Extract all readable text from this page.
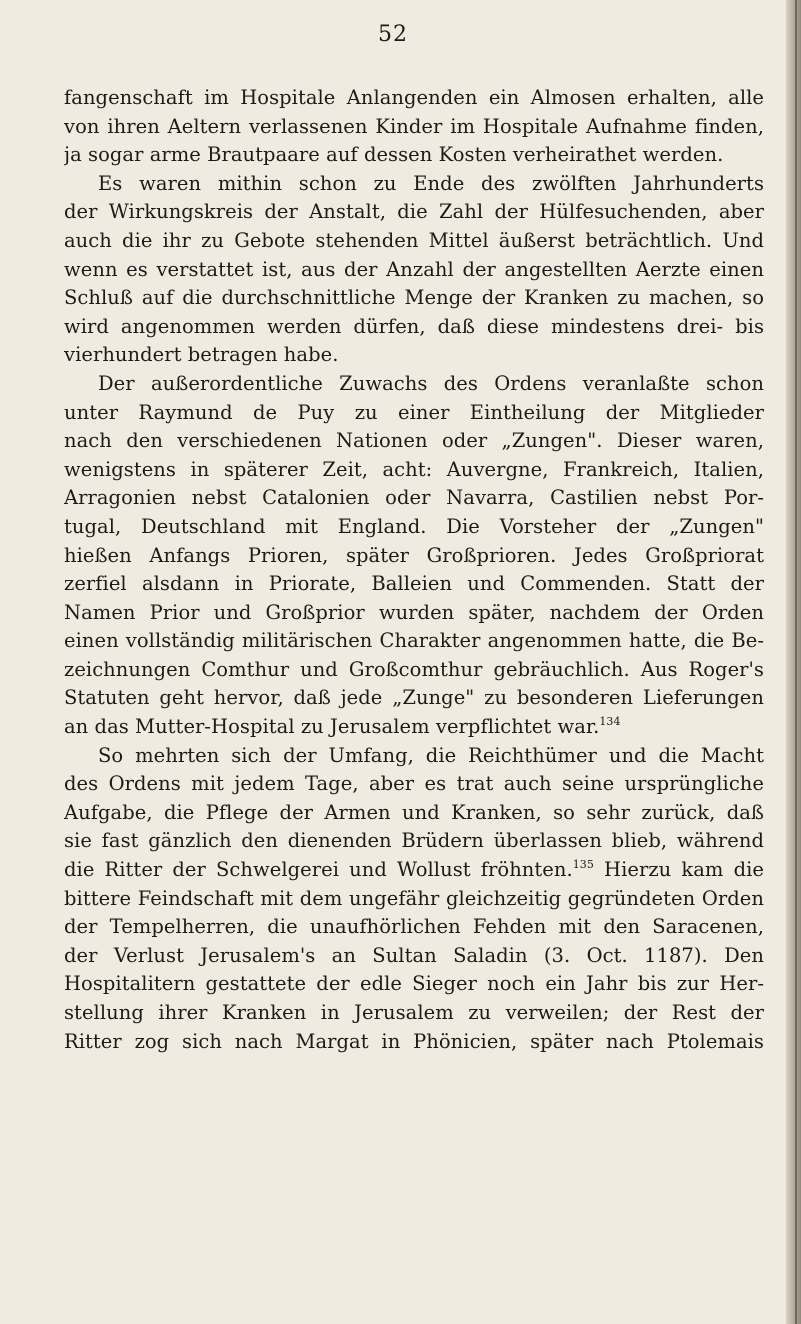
52
fangenschaft im Hospitale Anlangenden ein Almosen erhalten, alle
von ihren Aeltern verlassenen Kinder im Hospitale Aufnahme finden,
ja sogar arme Brautpaare auf dessen Kosten verheirathet werden.
Es waren mithin schon zu Ende des zwölften Jahrhunderts
der Wirkungskreis der Anstalt, die Zahl der Hülfesuchenden, aber
auch die ihr zu Gebote stehenden Mittel äußerst beträchtlich. Und
wenn es verstattet ist, aus der Anzahl der angestellten Aerzte einen
Schluß auf die durchschnittliche Menge der Kranken zu machen, so
wird angenommen werden dürfen, daß diese mindestens drei- bis
vierhundert betragen habe.
Der außerordentliche Zuwachs des Ordens veranlaßte schon
unter Raymund de Puy zu einer Eintheilung der Mitglieder
nach den verschiedenen Nationen oder „Zungen". Dieser waren,
wenigstens in späterer Zeit, acht: Auvergne, Frankreich, Italien,
Arragonien nebst Catalonien oder Navarra, Castilien nebst Por-
tugal, Deutschland mit England. Die Vorsteher der „Zungen"
hießen Anfangs Prioren, später Großprioren. Jedes Großpriorat
zerfiel alsdann in Priorate, Balleien und Commenden. Statt der
Namen Prior und Großprior wurden später, nachdem der Orden
einen vollständig militärischen Charakter angenommen hatte, die Be-
zeichnungen Comthur und Großcomthur gebräuchlich. Aus Roger's
Statuten geht hervor, daß jede „Zunge" zu besonderen Lieferungen
an das Mutter-Hospital zu Jerusalem verpflichtet war.$^{134}$
So mehrten sich der Umfang, die Reichthümer und die Macht
des Ordens mit jedem Tage, aber es trat auch seine ursprüngliche
Aufgabe, die Pflege der Armen und Kranken, so sehr zurück, daß
sie fast gänzlich den dienenden Brüdern überlassen blieb, während
die Ritter der Schwelgerei und Wollust fröhnten.$^{135}$ Hierzu kam die
bittere Feindschaft mit dem ungefähr gleichzeitig gegründeten Orden
der Tempelherren, die unaufhörlichen Fehden mit den Saracenen,
der Verlust Jerusalem's an Sultan Saladin (3. Oct. 1187). Den
Hospitalitern gestattete der edle Sieger noch ein Jahr bis zur Her-
stellung ihrer Kranken in Jerusalem zu verweilen; der Rest der
Ritter zog sich nach Margat in Phönicien, später nach Ptolemais
